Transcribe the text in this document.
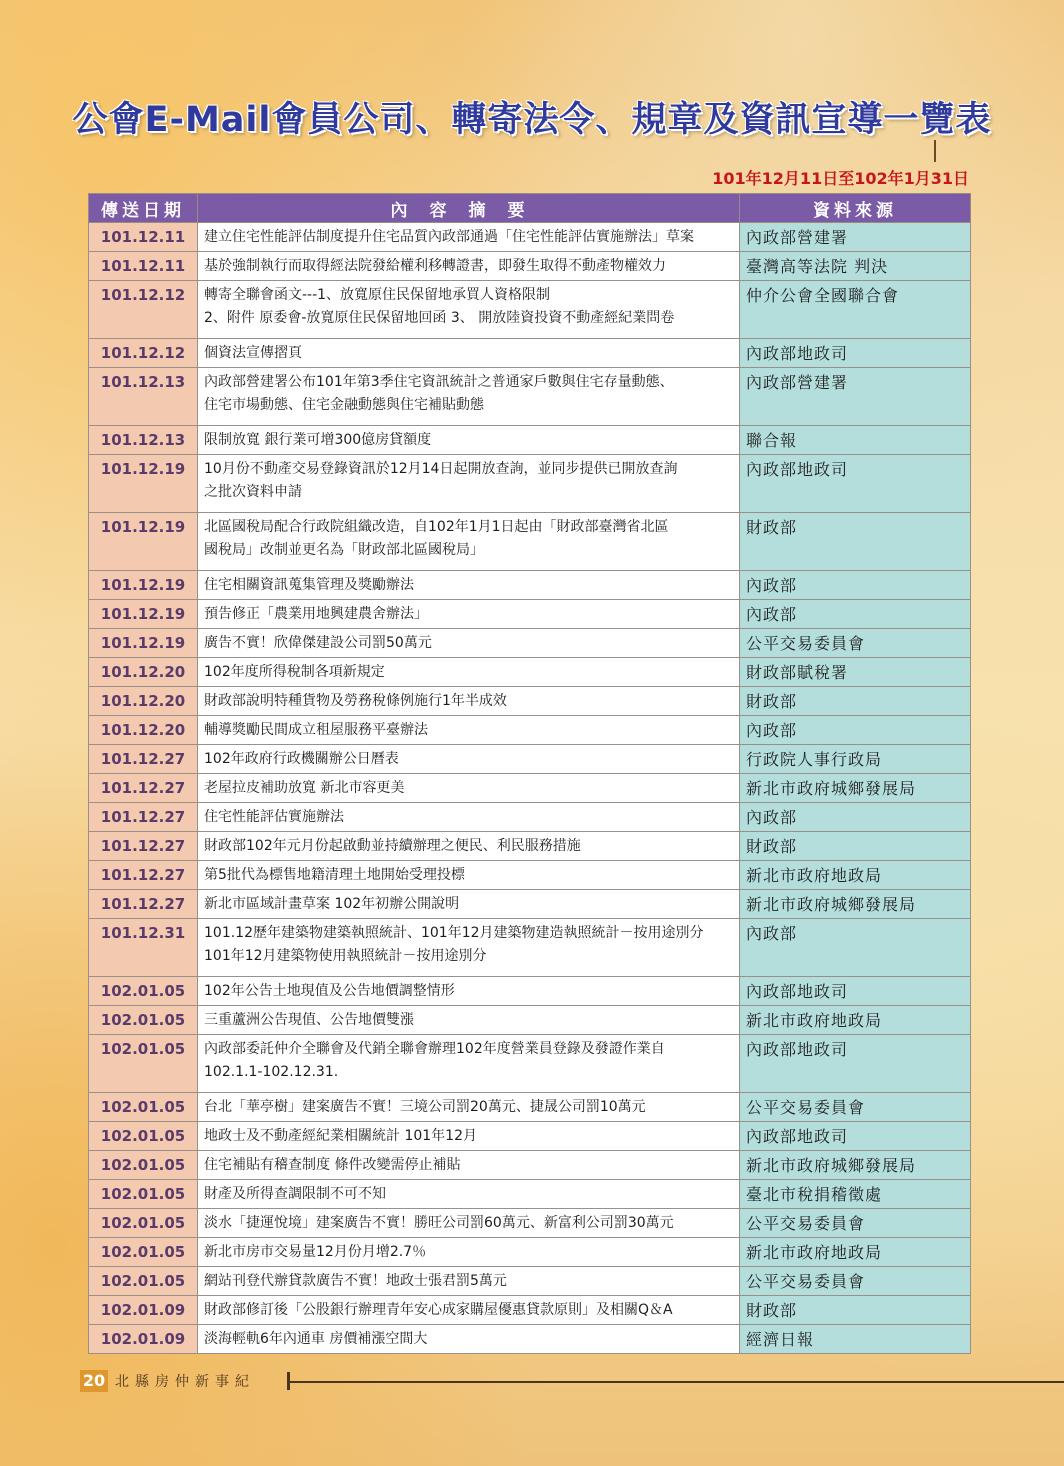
公會E-Mail會員公司、轉寄法令、規章及資訊宣導一覽表
101年12月11日至102年1月31日
傳送日期	內容摘要	資料來源
101.12.11	建立住宅性能評估制度提升住宅品質內政部通過「住宅性能評估實施辦法」草案	內政部營建署
101.12.11	基於強制執行而取得經法院發給權利移轉證書，即發生取得不動產物權效力	臺灣高等法院 判決
101.12.12	轉寄全聯會函文---1、放寬原住民保留地承買人資格限制
2、附件 原委會-放寬原住民保留地回函 3、 開放陸資投資不動產經紀業問卷	仲介公會全國聯合會
101.12.12	個資法宣傳摺頁	內政部地政司
101.12.13	內政部營建署公布101年第3季住宅資訊統計之普通家戶數與住宅存量動態、
住宅市場動態、住宅金融動態與住宅補貼動態	內政部營建署
101.12.13	限制放寬 銀行業可增300億房貸額度	聯合報
101.12.19	10月份不動產交易登錄資訊於12月14日起開放查詢，並同步提供已開放查詢
之批次資料申請	內政部地政司
101.12.19	北區國稅局配合行政院組織改造，自102年1月1日起由「財政部臺灣省北區
國稅局」改制並更名為「財政部北區國稅局」	財政部
101.12.19	住宅相關資訊蒐集管理及獎勵辦法	內政部
101.12.19	預告修正「農業用地興建農舍辦法」	內政部
101.12.19	廣告不實！欣偉傑建設公司罰50萬元	公平交易委員會
101.12.20	102年度所得稅制各項新規定	財政部賦稅署
101.12.20	財政部說明特種貨物及勞務稅條例施行1年半成效	財政部
101.12.20	輔導獎勵民間成立租屋服務平臺辦法	內政部
101.12.27	102年政府行政機關辦公日曆表	行政院人事行政局
101.12.27	老屋拉皮補助放寬 新北市容更美	新北市政府城鄉發展局
101.12.27	住宅性能評估實施辦法	內政部
101.12.27	財政部102年元月份起啟動並持續辦理之便民、利民服務措施	財政部
101.12.27	第5批代為標售地籍清理土地開始受理投標	新北市政府地政局
101.12.27	新北市區域計畫草案 102年初辦公開說明	新北市政府城鄉發展局
101.12.31	101.12歷年建築物建築執照統計、101年12月建築物建造執照統計－按用途別分
101年12月建築物使用執照統計－按用途別分	內政部
102.01.05	102年公告土地現值及公告地價調整情形	內政部地政司
102.01.05	三重蘆洲公告現值、公告地價雙漲	新北市政府地政局
102.01.05	內政部委託仲介全聯會及代銷全聯會辦理102年度營業員登錄及發證作業自
102.1.1-102.12.31.	內政部地政司
102.01.05	台北「華亭樹」建案廣告不實！三境公司罰20萬元、捷晟公司罰10萬元	公平交易委員會
102.01.05	地政士及不動產經紀業相關統計 101年12月	內政部地政司
102.01.05	住宅補貼有稽查制度 條件改變需停止補貼	新北市政府城鄉發展局
102.01.05	財產及所得查調限制不可不知	臺北市稅捐稽徵處
102.01.05	淡水「捷運悅境」建案廣告不實！勝旺公司罰60萬元、新富利公司罰30萬元	公平交易委員會
102.01.05	新北市房市交易量12月份月增2.7％	新北市政府地政局
102.01.05	網站刊登代辦貸款廣告不實！地政士張君罰5萬元	公平交易委員會
102.01.09	財政部修訂後「公股銀行辦理青年安心成家購屋優惠貸款原則」及相關Q＆A	財政部
102.01.09	淡海輕軌6年內通車 房價補漲空間大	經濟日報
20 北縣房仲新事紀
